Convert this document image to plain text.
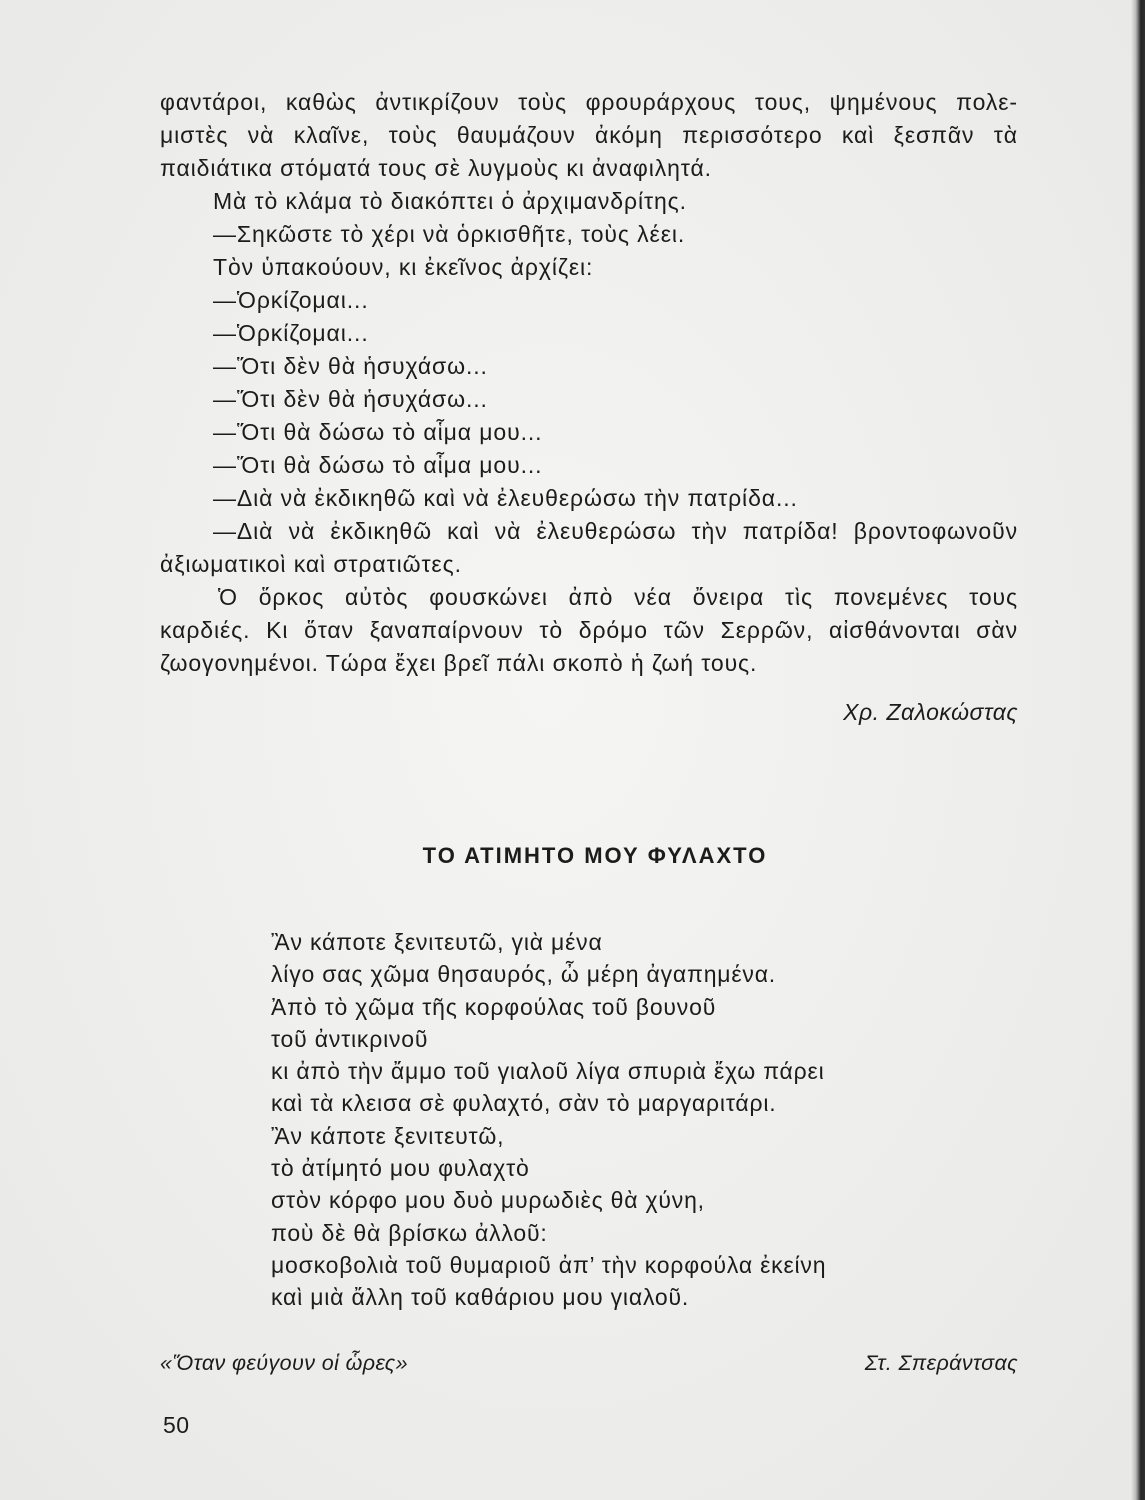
φαντάροι, καθὼς ἀντικρίζουν τοὺς φρουράρχους τους, ψημένους πολε-
μιστὲς νὰ κλαῖνε, τοὺς θαυμάζουν ἀκόμη περισσότερο καὶ ξεσπᾶν τὰ
παιδιάτικα στόματά τους σὲ λυγμοὺς κι ἀναφιλητά.
Μὰ τὸ κλάμα τὸ διακόπτει ὁ ἀρχιμανδρίτης.
—Σηκῶστε τὸ χέρι νὰ ὁρκισθῆτε, τοὺς λέει.
Τὸν ὑπακούουν, κι ἐκεῖνος ἀρχίζει:
—Ὁρκίζομαι...
—Ὁρκίζομαι...
—Ὅτι δὲν θὰ ἡσυχάσω...
—Ὅτι δὲν θὰ ἡσυχάσω...
—Ὅτι θὰ δώσω τὸ αἷμα μου...
—Ὅτι θὰ δώσω τὸ αἷμα μου...
—Διὰ νὰ ἐκδικηθῶ καὶ νὰ ἐλευθερώσω τὴν πατρίδα...
—Διὰ νὰ ἐκδικηθῶ καὶ νὰ ἐλευθερώσω τὴν πατρίδα! βροντοφωνοῦν
ἀξιωματικοὶ καὶ στρατιῶτες.
Ὁ ὅρκος αὐτὸς φουσκώνει ἀπὸ νέα ὄνειρα τὶς πονεμένες τους
καρδιές. Κι ὅταν ξαναπαίρνουν τὸ δρόμο τῶν Σερρῶν, αἰσθάνονται σὰν
ζωογονημένοι. Τώρα ἔχει βρεῖ πάλι σκοπὸ ἡ ζωή τους.
Χρ. Ζαλοκώστας
ΤΟ ΑΤΙΜΗΤΟ ΜΟΥ ΦΥΛΑΧΤΟ
Ἂν κάποτε ξενιτευτῶ, γιὰ μένα
λίγο σας χῶμα θησαυρός, ὦ μέρη ἀγαπημένα.
Ἀπὸ τὸ χῶμα τῆς κορφούλας τοῦ βουνοῦ
τοῦ ἀντικρινοῦ
κι ἀπὸ τὴν ἄμμο τοῦ γιαλοῦ λίγα σπυριὰ ἔχω πάρει
καὶ τὰ κλεισα σὲ φυλαχτό, σὰν τὸ μαργαριτάρι.
Ἂν κάποτε ξενιτευτῶ,
τὸ ἀτίμητό μου φυλαχτὸ
στὸν κόρφο μου δυὸ μυρωδιὲς θὰ χύνη,
ποὺ δὲ θὰ βρίσκω ἀλλοῦ:
μοσκοβολιὰ τοῦ θυμαριοῦ ἀπ’ τὴν κορφούλα ἐκείνη
καὶ μιὰ ἄλλη τοῦ καθάριου μου γιαλοῦ.
«Ὅταν φεύγουν οἱ ὧρες»	Στ. Σπεράντσας
50
